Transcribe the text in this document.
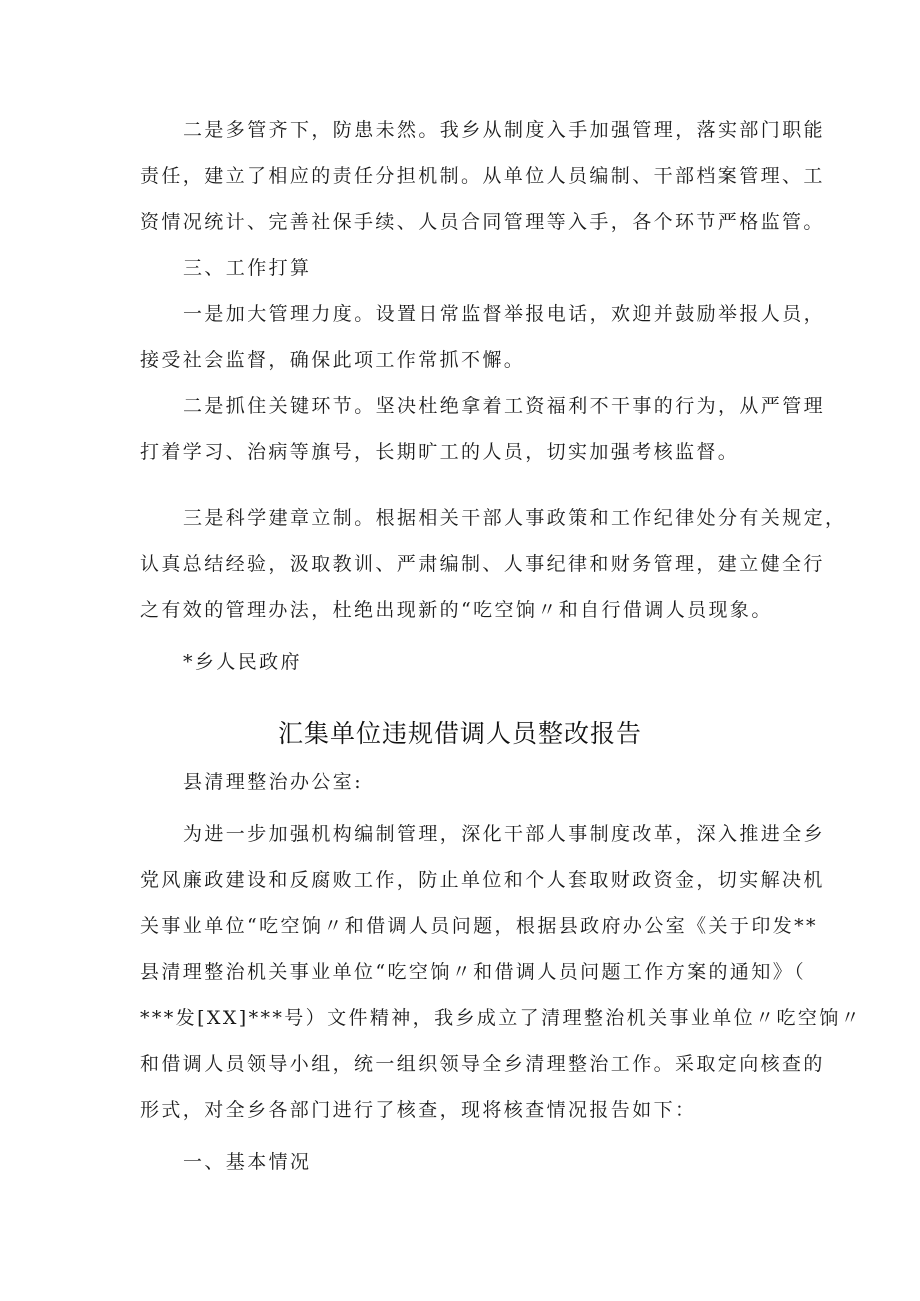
二是多管齐下，防患未然。我乡从制度入手加强管理，落实部门职能
责任，建立了相应的责任分担机制。从单位人员编制、干部档案管理、工
资情况统计、完善社保手续、人员合同管理等入手，各个环节严格监管。
三、工作打算
一是加大管理力度。设置日常监督举报电话，欢迎并鼓励举报人员，
接受社会监督，确保此项工作常抓不懈。
二是抓住关键环节。坚决杜绝拿着工资福利不干事的行为，从严管理
打着学习、治病等旗号，长期旷工的人员，切实加强考核监督。
三是科学建章立制。根据相关干部人事政策和工作纪律处分有关规定，
认真总结经验，汲取教训、严肃编制、人事纪律和财务管理，建立健全行
之有效的管理办法，杜绝出现新的“吃空饷〃和自行借调人员现象。
*乡人民政府
汇集单位违规借调人员整改报告
县清理整治办公室:
为进一步加强机构编制管理，深化干部人事制度改革，深入推进全乡
党风廉政建设和反腐败工作，防止单位和个人套取财政资金，切实解决机
关事业单位“吃空饷〃和借调人员问题，根据县政府办公室《关于印发**
县清理整治机关事业单位“吃空饷〃和借调人员问题工作方案的通知》（
***发[XX]***号）文件精神，我乡成立了清理整治机关事业单位〃吃空饷〃
和借调人员领导小组，统一组织领导全乡清理整治工作。采取定向核查的
形式，对全乡各部门进行了核查，现将核查情况报告如下：
一、基本情况
